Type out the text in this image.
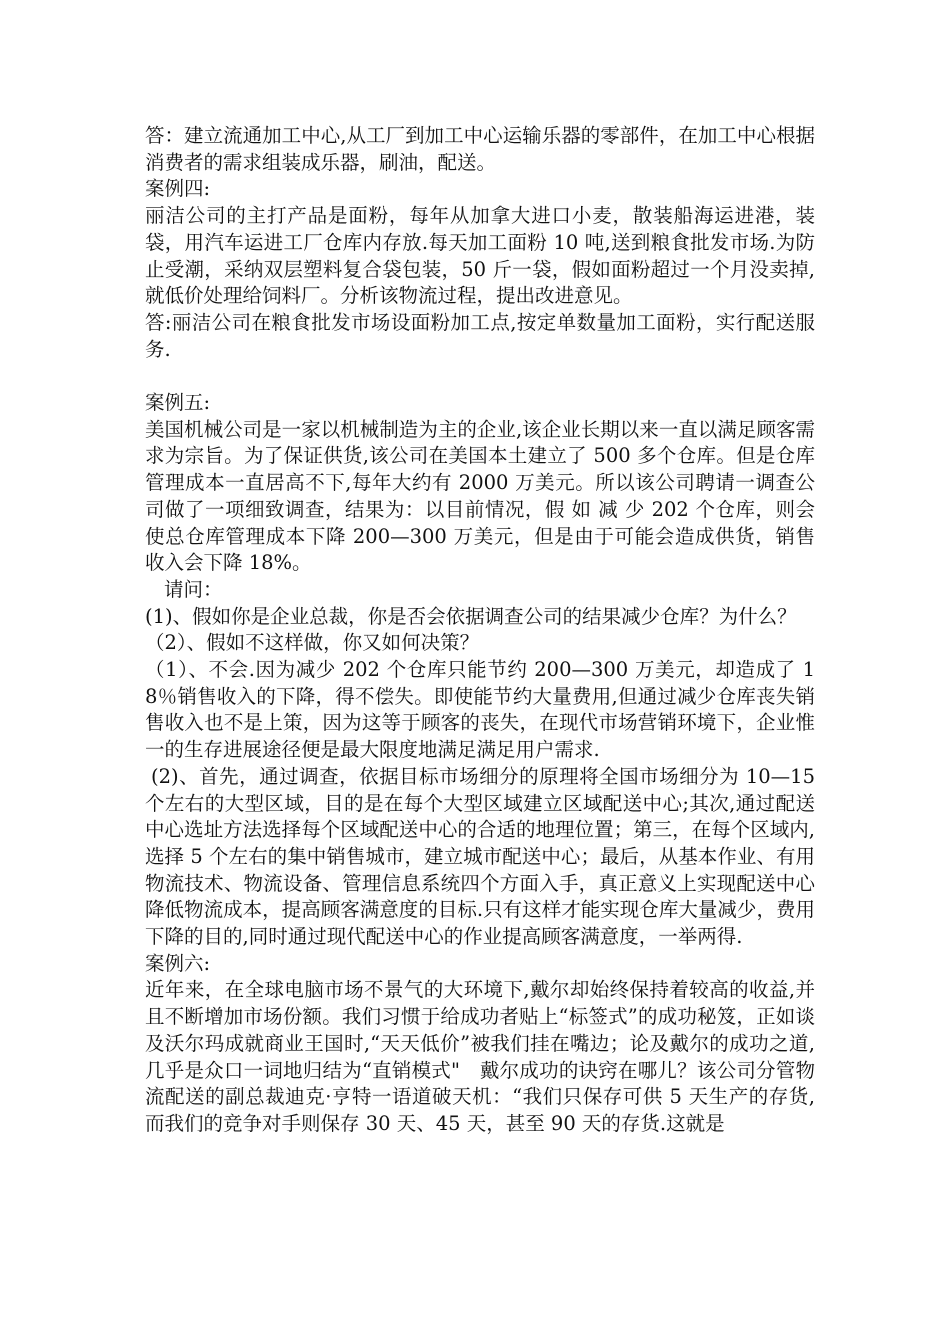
答：建立流通加工中心,从工厂到加工中心运输乐器的零部件，在加工中心根据消费者的需求组装成乐器，刷油，配送。

案例四:

丽洁公司的主打产品是面粉，每年从加拿大进口小麦，散装船海运进港，装袋，用汽车运进工厂仓库内存放.每天加工面粉 10 吨,送到粮食批发市场.为防止受潮，采纳双层塑料复合袋包装，50 斤一袋，假如面粉超过一个月没卖掉,就低价处理给饲料厂。分析该物流过程，提出改进意见。

答:丽洁公司在粮食批发市场设面粉加工点,按定单数量加工面粉，实行配送服务.

案例五:

美国机械公司是一家以机械制造为主的企业,该企业长期以来一直以满足顾客需求为宗旨。为了保证供货,该公司在美国本土建立了 500 多个仓库。但是仓库管理成本一直居高不下,每年大约有 2000 万美元。所以该公司聘请一调查公司做了一项细致调查，结果为：以目前情况，假 如 减 少 202 个仓库，则会使总仓库管理成本下降 200—300 万美元，但是由于可能会造成供货，销售收入会下降 18%。

请问：

(1)、假如你是企业总裁，你是否会依据调查公司的结果减少仓库？为什么？

（2）、假如不这样做，你又如何决策？

（1）、不会.因为减少 202 个仓库只能节约 200—300 万美元，却造成了 18％销售收入的下降，得不偿失。即使能节约大量费用,但通过减少仓库丧失销售收入也不是上策，因为这等于顾客的丧失，在现代市场营销环境下，企业惟一的生存进展途径便是最大限度地满足满足用户需求.

(2)、首先，通过调查，依据目标市场细分的原理将全国市场细分为 10—15 个左右的大型区域，目的是在每个大型区域建立区域配送中心;其次,通过配送中心选址方法选择每个区域配送中心的合适的地理位置；第三，在每个区域内,选择 5 个左右的集中销售城市，建立城市配送中心；最后，从基本作业、有用物流技术、物流设备、管理信息系统四个方面入手，真正意义上实现配送中心降低物流成本，提高顾客满意度的目标.只有这样才能实现仓库大量减少，费用下降的目的,同时通过现代配送中心的作业提高顾客满意度，一举两得.

案例六:

近年来，在全球电脑市场不景气的大环境下,戴尔却始终保持着较高的收益,并且不断增加市场份额。我们习惯于给成功者贴上“标签式”的成功秘笈，正如谈及沃尔玛成就商业王国时,“天天低价”被我们挂在嘴边；论及戴尔的成功之道,几乎是众口一词地归结为“直销模式"　戴尔成功的诀窍在哪儿？该公司分管物流配送的副总裁迪克·亨特一语道破天机：“我们只保存可供 5 天生产的存货,而我们的竞争对手则保存 30 天、45 天，甚至 90 天的存货.这就是
